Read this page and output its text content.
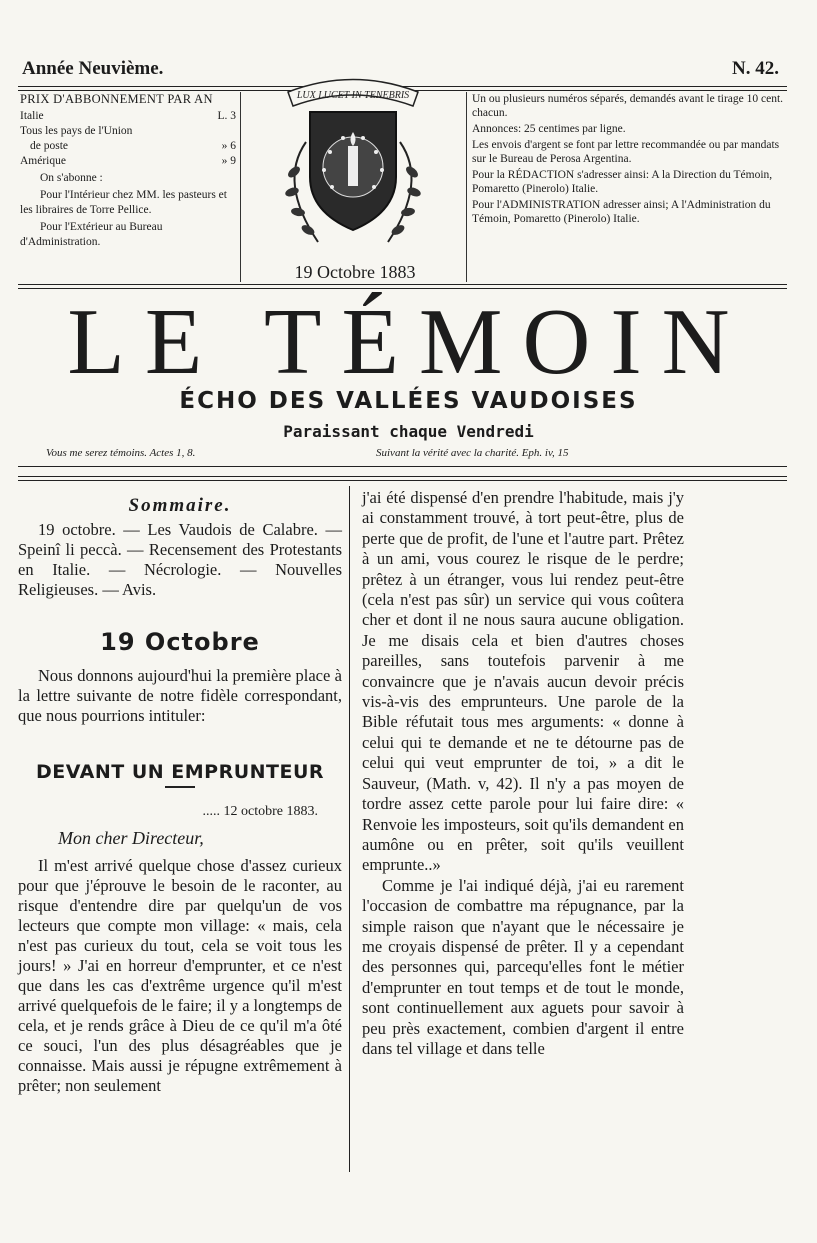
Année Neuvième.	N. 42.
PRIX D'ABBONNEMENT PAR AN
Italie	L. 3
Tous les pays de l'Union
de poste	» 6
Amérique	» 9
On s'abonne :
Pour l'Intérieur chez MM. les pasteurs et les libraires de Torre Pellice.
Pour l'Extérieur au Bureau d'Administration.
LUX LUCET IN TENEBRIS
19 Octobre 1883

Un ou plusieurs numéros séparés, demandés avant le tirage 10 cent. chacun.

Annonces: 25 centimes par ligne.

Les envois d'argent se font par lettre recommandée ou par mandats sur le Bureau de Perosa Argentina.

Pour la RÉDACTION s'adresser ainsi: A la Direction du Témoin, Pomaretto (Pinerolo) Italie.

Pour l'ADMINISTRATION adresser ainsi; A l'Administration du Témoin, Pomaretto (Pinerolo) Italie.

LE TÉMOIN
ÉCHO DES VALLÉES VAUDOISES
Paraissant chaque Vendredi
Vous me serez témoins. Actes 1, 8.	Suivant la vérité avec la charité. Eph. iv, 15
Sommaire.

19 octobre. — Les Vaudois de Calabre. — Speinî li peccà. — Recensement des Protestants en Italie. — Nécrologie. — Nouvelles Religieuses. — Avis.

19 Octobre

Nous donnons aujourd'hui la première place à la lettre suivante de notre fidèle correspondant, que nous pourrions intituler:

DEVANT UN EMPRUNTEUR
..... 12 octobre 1883.
Mon cher Directeur,

Il m'est arrivé quelque chose d'assez curieux pour que j'éprouve le besoin de le raconter, au risque d'entendre dire par quelqu'un de vos lecteurs que compte mon village: « mais, cela n'est pas curieux du tout, cela se voit tous les jours! » J'ai en horreur d'emprunter, et ce n'est que dans les cas d'extrême urgence qu'il m'est arrivé quelquefois de le faire; il y a longtemps de cela, et je rends grâce à Dieu de ce qu'il m'a ôté ce souci, l'un des plus désagréables que je connaisse. Mais aussi je répugne extrêmement à prêter; non seulement

j'ai été dispensé d'en prendre l'habitude, mais j'y ai constamment trouvé, à tort peut-être, plus de perte que de profit, de l'une et l'autre part. Prêtez à un ami, vous courez le risque de le perdre; prêtez à un étranger, vous lui rendez peut-être (cela n'est pas sûr) un service qui vous coûtera cher et dont il ne nous saura aucune obligation. Je me disais cela et bien d'autres choses pareilles, sans toutefois parvenir à me convaincre que je n'avais aucun devoir précis vis-à-vis des emprunteurs. Une parole de la Bible réfutait tous mes arguments: « donne à celui qui te demande et ne te détourne pas de celui qui veut emprunter de toi, » a dit le Sauveur, (Math. v, 42). Il n'y a pas moyen de tordre assez cette parole pour lui faire dire: « Renvoie les imposteurs, soit qu'ils demandent en aumône ou en prêter, soit qu'ils veuillent emprunte..»

Comme je l'ai indiqué déjà, j'ai eu rarement l'occasion de combattre ma répugnance, par la simple raison que n'ayant que le nécessaire je me croyais dispensé de prêter. Il y a cependant des personnes qui, parcequ'elles font le métier d'emprunter en tout temps et de tout le monde, sont continuellement aux aguets pour savoir à peu près exactement, combien d'argent il entre dans tel village et dans telle
